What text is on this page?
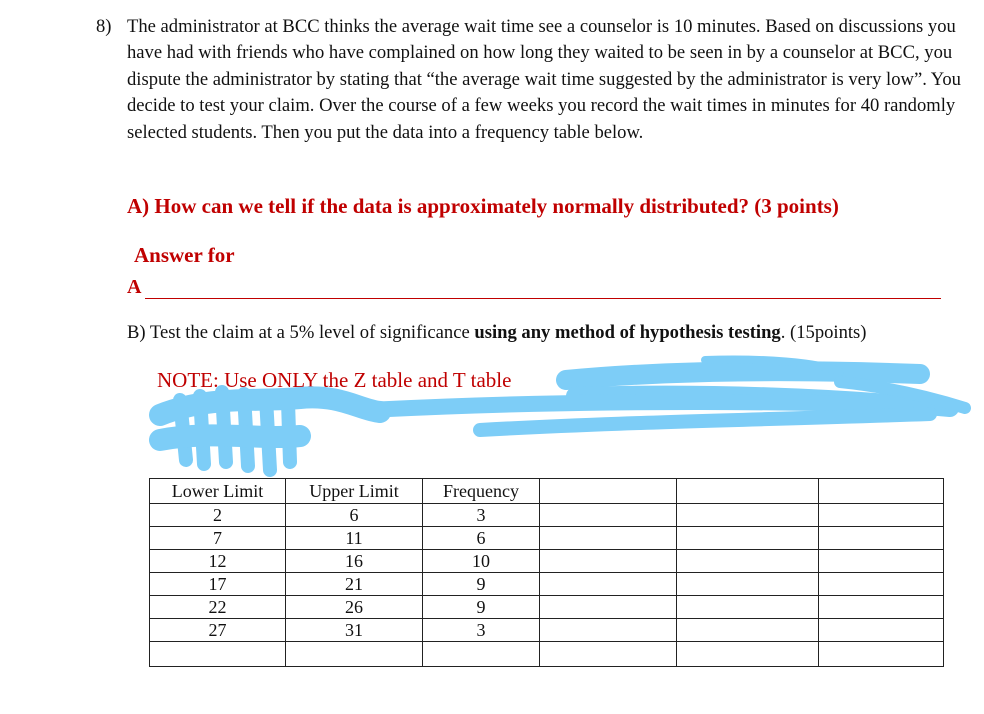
8) The administrator at BCC thinks the average wait time see a counselor is 10 minutes. Based on discussions you have had with friends who have complained on how long they waited to be seen in by a counselor at BCC, you dispute the administrator by stating that “the average wait time suggested by the administrator is very low”. You decide to test your claim. Over the course of a few weeks you record the wait times in minutes for 40 randomly selected students. Then you put the data into a frequency table below.
A) How can we tell if the data is approximately normally distributed? (3 points)
Answer for
A
B) Test the claim at a 5% level of significance using any method of hypothesis testing. (15points)
NOTE: Use ONLY the Z table and T table
Lower Limit	Upper Limit	Frequency			
2	6	3			
7	11	6			
12	16	10			
17	21	9			
22	26	9			
27	31	3			
